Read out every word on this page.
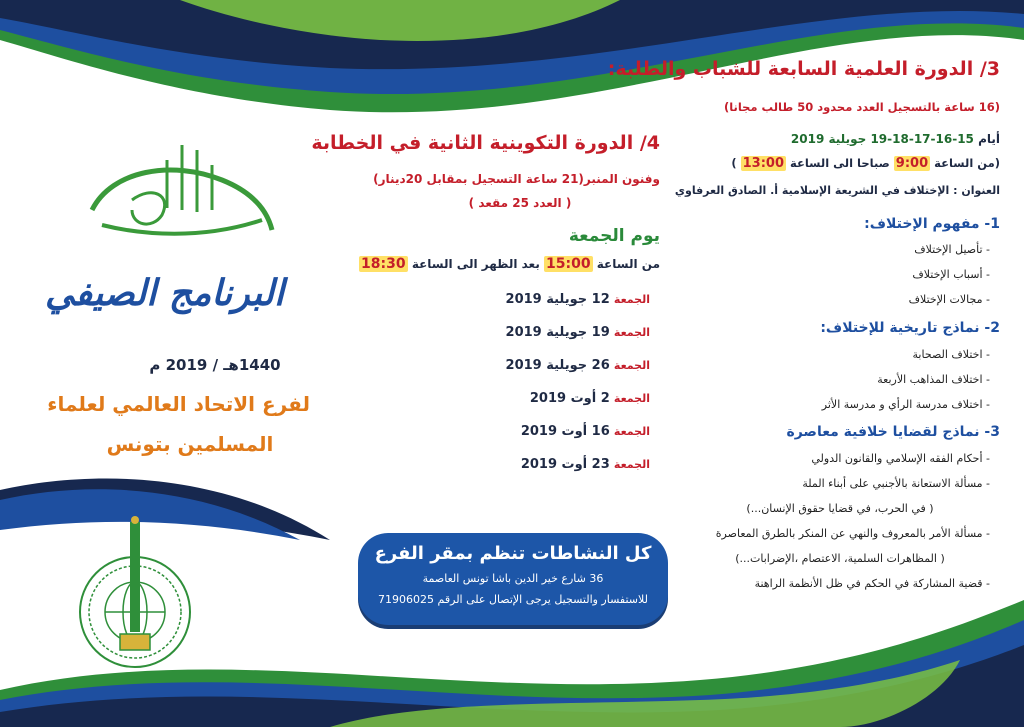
البرنامج الصيفي
1440هـ / 2019 م
لفرع الاتحاد العالمي لعلماء
المسلمين بتونس
4/ الدورة التكوينية الثانية في الخطابة
وفنون المنبر(21 ساعة التسجيل بمقابل 20دينار)
( العدد 25 مقعد )
يوم الجمعة
من الساعة 15:00 بعد الظهر الى الساعة 18:30
الجمعة 12 جويلية 2019
الجمعة 19 جويلية 2019
الجمعة 26 جويلية 2019
الجمعة 2 أوت 2019
الجمعة 16 أوت 2019
الجمعة 23 أوت 2019
كل النشاطات تنظم بمقر الفرع
36 شارع خير الدين باشا تونس العاصمة
للاستفسار والتسجيل يرجى الإتصال على الرقم 71906025
3/ الدورة العلمية السابعة للشباب والطلبة:
(16 ساعة بالتسجيل العدد محدود 50 طالب مجانا)
أيام 15-16-17-18-19 جويلية 2019
(من الساعة 9:00 صباحا الى الساعة 13:00 )
العنوان : الإختلاف في الشريعة الإسلامية أ. الصادق العرفاوي
1- مفهوم الإختلاف:
- تأصيل الإختلاف
- أسباب الإختلاف
- مجالات الإختلاف
2- نماذج تاريخية للإختلاف:
- اختلاف الصحابة
- اختلاف المذاهب الأربعة
- اختلاف مدرسة الرأي و مدرسة الأثر
3- نماذج لقضايا خلافية معاصرة
- أحكام الفقه الإسلامي والقانون الدولي
- مسألة الاستعانة بالأجنبي على أبناء الملة
( في الحرب، في قضايا حقوق الإنسان...)
- مسألة الأمر بالمعروف والنهي عن المنكر بالطرق المعاصرة
( المظاهرات السلمية، الاعتصام ،الإضرابات...)
- قضية المشاركة في الحكم في ظل الأنظمة الراهنة
